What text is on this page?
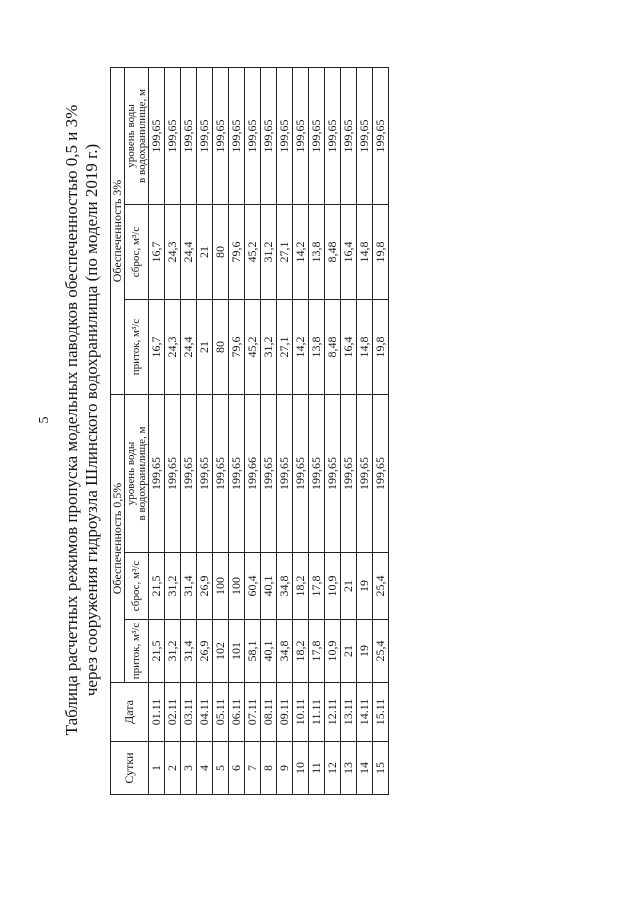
5 Таблица расчетных режимов пропуска модельных паводков обеспеченностью 0,5 и 3% через сооружения гидроузла Шлинского водохранилища (по модели 2019 г.)
Сутки	Дата	Обеспеченность 0,5%			Обеспеченность 3%		
		приток, м³/с	сброс, м³/с	уровень воды в водохранилище, м	приток, м³/с	сброс, м³/с	уровень воды в водохранилище, м

1	01.11	21,5	21,5	199,65	16,7	16,7	199,65
2	02.11	31,2	31,2	199,65	24,3	24,3	199,65
3	03.11	31,4	31,4	199,65	24,4	24,4	199,65
4	04.11	26,9	26,9	199,65	21	21	199,65
5	05.11	102	100	199,65	80	80	199,65
6	06.11	101	100	199,65	79,6	79,6	199,65
7	07.11	58,1	60,4	199,66	45,2	45,2	199,65
8	08.11	40,1	40,1	199,65	31,2	31,2	199,65
9	09.11	34,8	34,8	199,65	27,1	27,1	199,65
10	10.11	18,2	18,2	199,65	14,2	14,2	199,65
11	11.11	17,8	17,8	199,65	13,8	13,8	199,65
12	12.11	10,9	10,9	199,65	8,48	8,48	199,65
13	13.11	21	21	199,65	16,4	16,4	199,65
14	14.11	19	19	199,65	14,8	14,8	199,65
15	15.11	25,4	25,4	199,65	19,8	19,8	199,65
